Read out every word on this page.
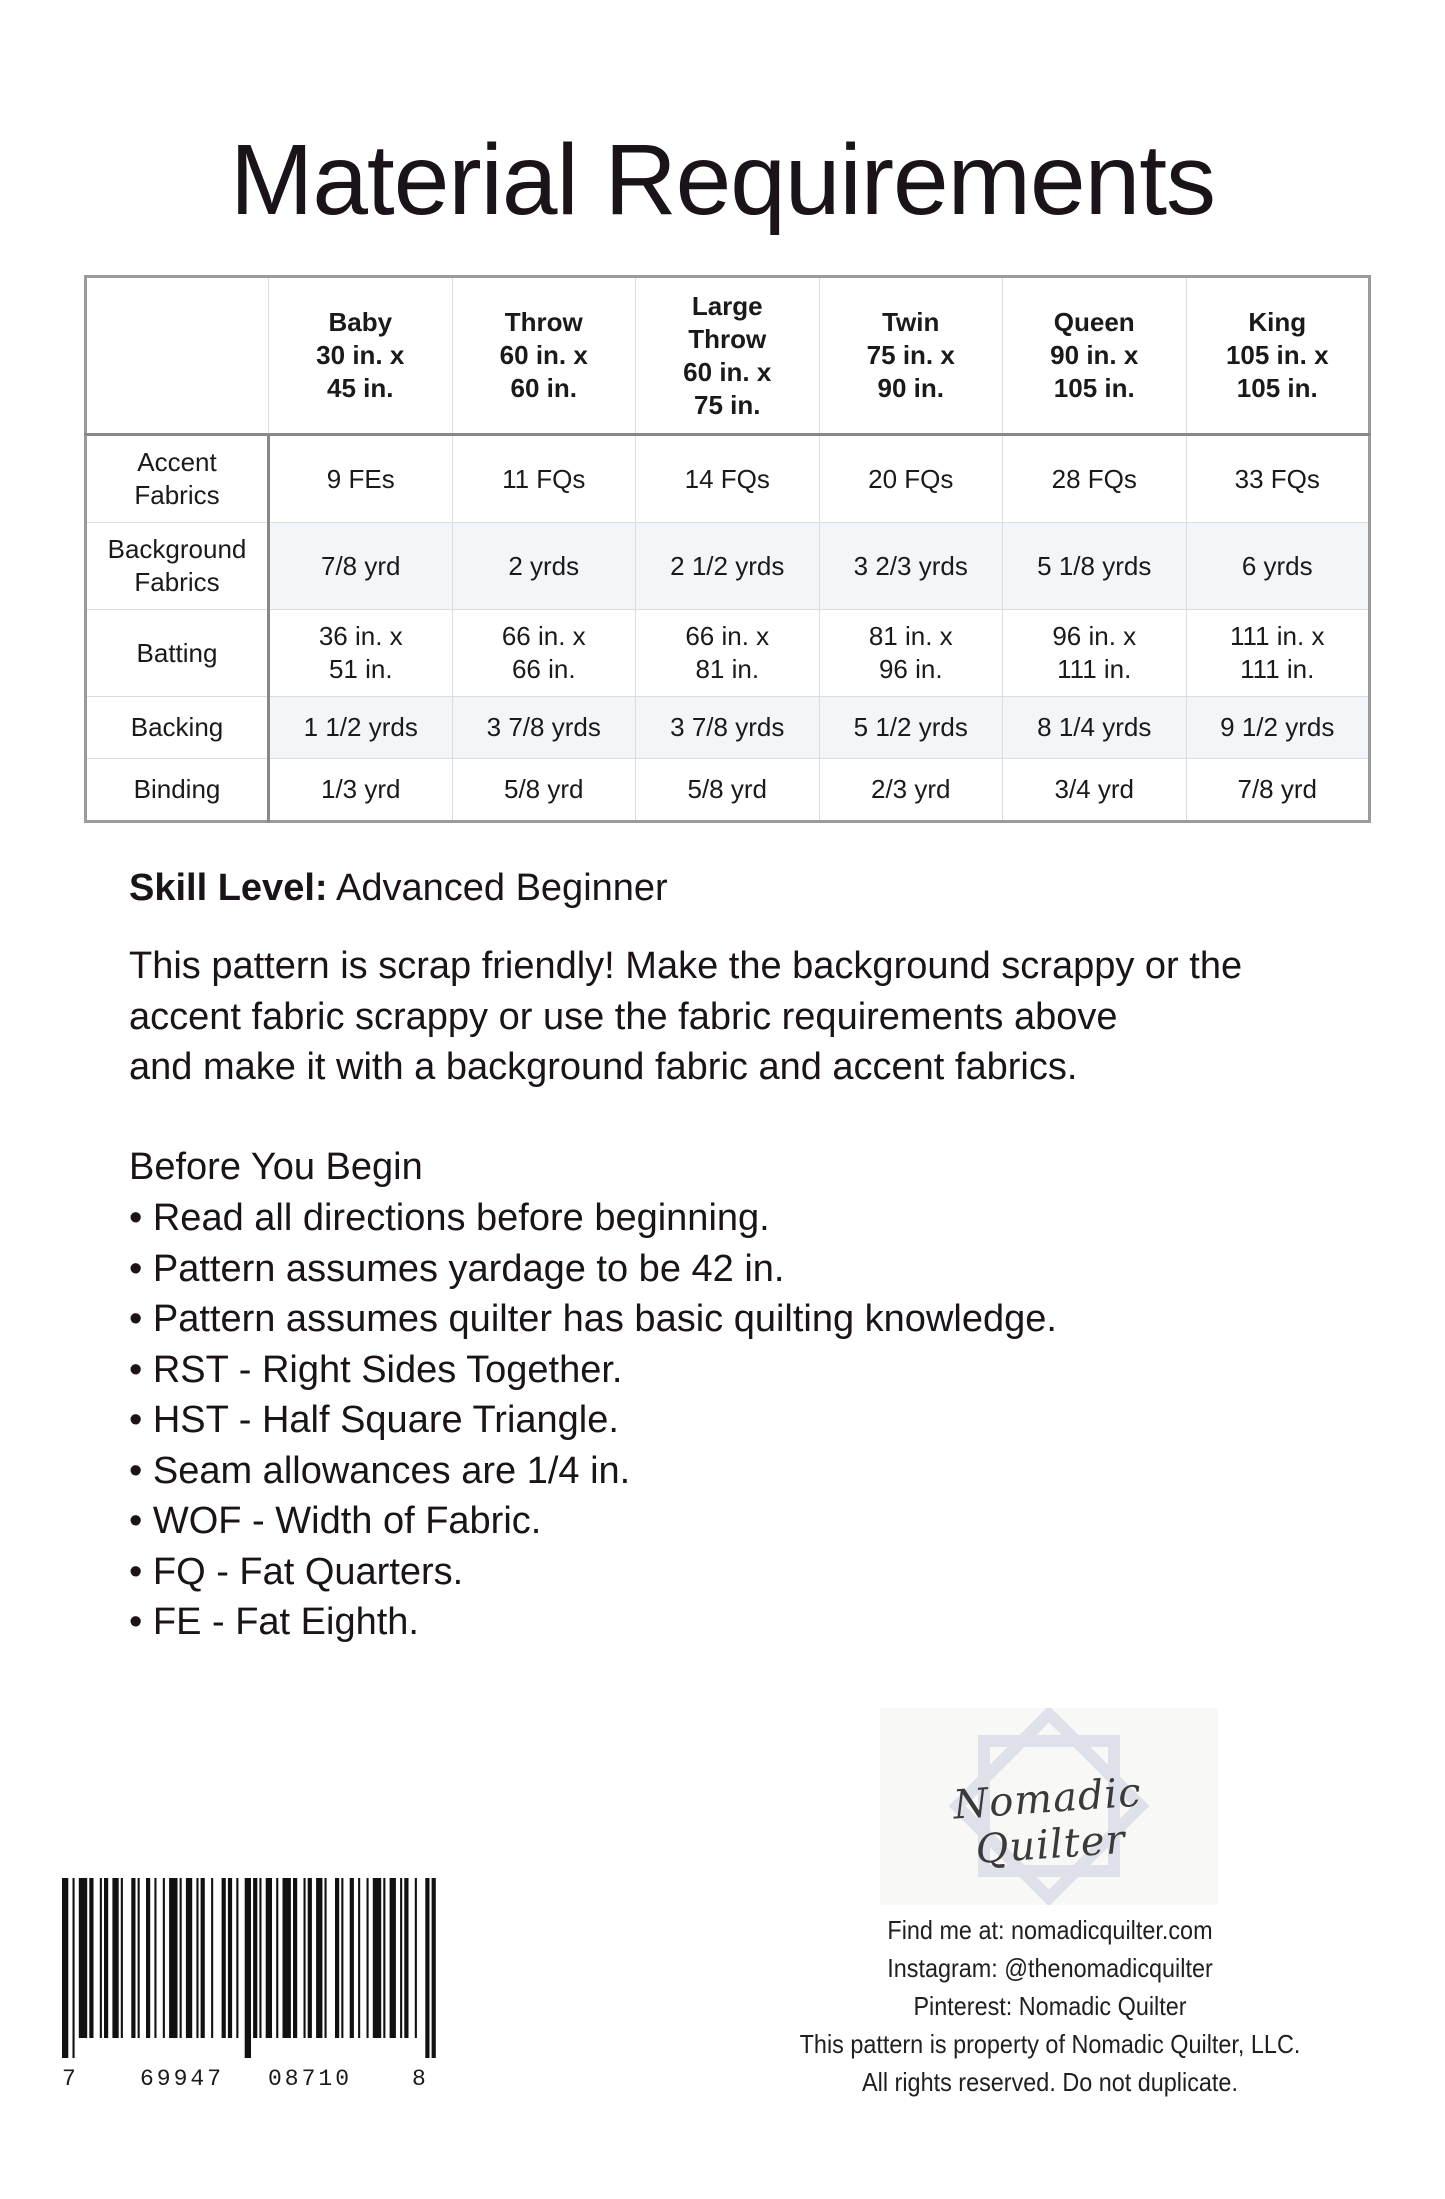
Material Requirements
	Baby
30 in. x
45 in.	Throw
60 in. x
60 in.	Large
Throw
60 in. x
75 in.	Twin
75 in. x
90 in.	Queen
90 in. x
105 in.	King
105 in. x
105 in.
Accent
Fabrics	9 FEs	11 FQs	14 FQs	20 FQs	28 FQs	33 FQs
Background
Fabrics	7/8 yrd	2 yrds	2 1/2 yrds	3 2/3 yrds	5 1/8 yrds	6 yrds
Batting	36 in. x
51 in.	66 in. x
66 in.	66 in. x
81 in.	81 in. x
96 in.	96 in. x
111 in.	111 in. x
111 in.
Backing	1 1/2 yrds	3 7/8 yrds	3 7/8 yrds	5 1/2 yrds	8 1/4 yrds	9 1/2 yrds
Binding	1/3 yrd	5/8 yrd	5/8 yrd	2/3 yrd	3/4 yrd	7/8 yrd
Skill Level: Advanced Beginner
This pattern is scrap friendly! Make the background scrappy or the
accent fabric scrappy or use the fabric requirements above
and make it with a background fabric and accent fabrics.
Before You Begin
• Read all directions before beginning.
• Pattern assumes yardage to be 42 in.
• Pattern assumes quilter has basic quilting knowledge.
• RST - Right Sides Together.
• HST - Half Square Triangle.
• Seam allowances are 1/4 in.
• WOF - Width of Fabric.
• FQ - Fat Quarters.
• FE - Fat Eighth.
Nomadic Quilter
Find me at: nomadicquilter.com
Instagram: @thenomadicquilter
Pinterest: Nomadic Quilter
This pattern is property of Nomadic Quilter, LLC.
All rights reserved. Do not duplicate.
7	69947 08710	8
